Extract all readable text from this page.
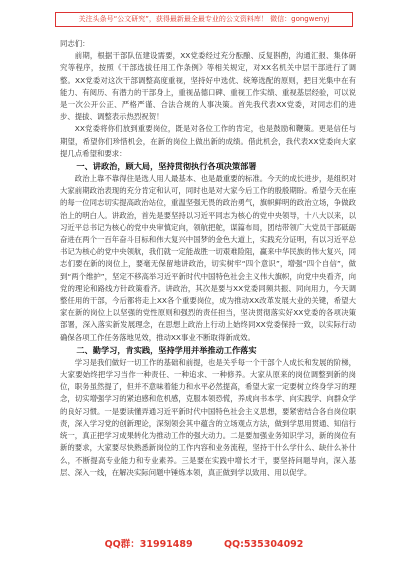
关注头条号“公文研究”，获得最新最全最专业的公文资料库！ 微信：gongwenyj

同志们：

前期，根据干部队伍建设需要，XX党委经过充分酝酿、反复斟酌，沟通汇报、集体研究等程序，按照《干部选拔任用工作条例》等相关规定，对XX名机关中层干部进行了调整。XX党委对这次干部调整高度重视，坚持好中选优、统筹选配的原则，把目光集中在有能力、有阅历、有潜力的干部身上，重视品德口碑、重视工作实绩、重视基层经验，可以说是一次公开公正、严格严谨、合法合规的人事决策。首先我代表XX党委，对同志们的进步、提拔、调整表示热烈祝贺！

XX党委将你们放到重要岗位，既是对各位工作的肯定，也是鼓励和鞭策。更是信任与期望，希望你们珍惜机会，在新的岗位上做出新的成绩。借此机会，我代表XX党委向大家提几点希望和要求：

一、讲政治，顾大局，坚持贯彻执行各项决策部署

政治上靠不靠得住是选人用人最基本、也是最重要的标准。今天的成长进步，是组织对大家前期政治表现的充分肯定和认可，同时也是对大家今后工作的殷殷期盼。希望今天在座的每一位同志切实提高政治站位，重温坚强无畏的政治勇气，旗帜鲜明的政治立场，争做政治上的明白人。讲政治，首先是要坚持以习近平同志为核心的党中央领导，十八大以来，以习近平总书记为核心的党中央审慎定向，领航把舵，谋篇布局，团结带领广大党员干部砥砺奋进在两个一百年奋斗目标和伟大复兴中国梦的金色大道上，实践充分证明，有以习近平总书记为核心的党中央领航，我们就一定能战胜一切艰难险阻，赢来中华民族的伟大复兴，同志们要在新的岗位上，要毫无保留地讲政治，切实树牢“四个意识”，增强“四个自信”，做到“两个维护”，坚定不移高举习近平新时代中国特色社会主义伟大旗帜，向党中央看齐，向党的理论和路线方针政策看齐。讲政治，其次是要与XX党委同频共振、同向用力，今天调整任用的干部，今后都将走上XX各个重要岗位，成为推动XX改革发展大业的关键，希望大家在新的岗位上以坚强的党性原则和强烈的责任担当，坚决贯彻落实好XX党委的各项决策部署，深入落实新发展理念，在思想上政治上行动上始终同XX党委保持一致，以实际行动确保各项工作任务落地见效，推动XX事业不断取得新成效。

二、勤学习，肯实践，坚持学用并举推动工作落实

学习是我们做好一切工作的基础和前提，也是关乎每一个干部个人成长和发展的阶梯，大家要始终把学习当作一种责任、一种追求、一种修养。大家从原来的岗位调整到新的岗位，职务虽然提了，但并不意味着能力和水平必然提高，希望大家一定要树立终身学习的理念，切实增强学习的紧迫感和危机感，克服本领恐慌，养成向书本学、向实践学、向群众学的良好习惯。一是要读懂弄通习近平新时代中国特色社会主义思想，要紧密结合各自岗位职责，深入学习党的创新理论，深刻领会其中蕴含的立场观点方法，做到学思用贯通、知信行统一，真正把学习成果转化为推动工作的强大动力。二是要加强业务知识学习，新的岗位有新的要求，大家要尽快熟悉新岗位的工作内容和业务流程，坚持干什么学什么、缺什么补什么，不断提高专业能力和专业素养。三是要在实践中增长才干，要坚持问题导向，深入基层、深入一线，在解决实际问题中锤炼本领，真正做到学以致用、用以促学。

QQ群：31991489	QQ:535304092
